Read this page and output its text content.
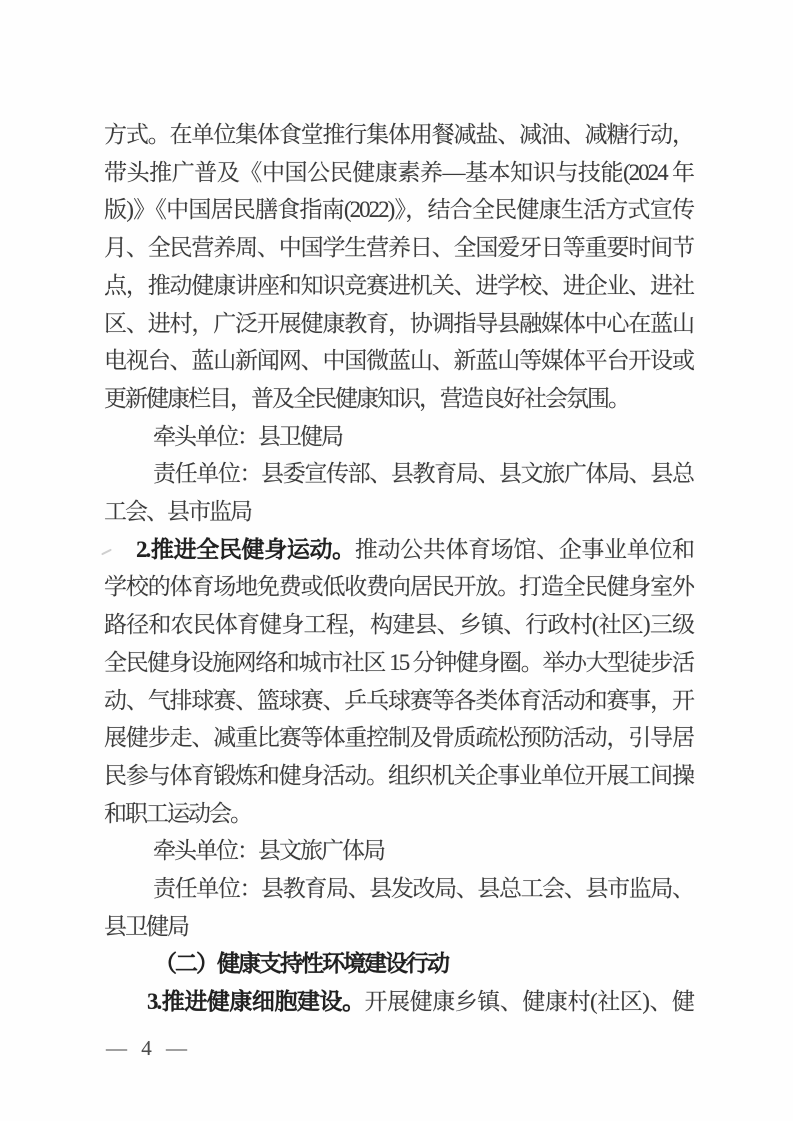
方式。在单位集体食堂推行集体用餐减盐、减油、减糖行动，
带头推广普及《中国公民健康素养—基本知识与技能(2024 年
版)》《中国居民膳食指南(2022)》，结合全民健康生活方式宣传
月、全民营养周、中国学生营养日、全国爱牙日等重要时间节
点，推动健康讲座和知识竞赛进机关、进学校、进企业、进社
区、进村，广泛开展健康教育，协调指导县融媒体中心在蓝山
电视台、蓝山新闻网、中国微蓝山、新蓝山等媒体平台开设或
更新健康栏目，普及全民健康知识，营造良好社会氛围。
牵头单位：县卫健局
责任单位：县委宣传部、县教育局、县文旅广体局、县总
工会、县市监局
2.推进全民健身运动。推动公共体育场馆、企事业单位和
学校的体育场地免费或低收费向居民开放。打造全民健身室外
路径和农民体育健身工程，构建县、乡镇、行政村(社区)三级
全民健身设施网络和城市社区 15 分钟健身圈。举办大型徒步活
动、气排球赛、篮球赛、乒乓球赛等各类体育活动和赛事，开
展健步走、减重比赛等体重控制及骨质疏松预防活动，引导居
民参与体育锻炼和健身活动。组织机关企事业单位开展工间操
和职工运动会。
牵头单位：县文旅广体局
责任单位：县教育局、县发改局、县总工会、县市监局、
县卫健局
（二）健康支持性环境建设行动
3.推进健康细胞建设。开展健康乡镇、健康村(社区)、健
— 4 —
